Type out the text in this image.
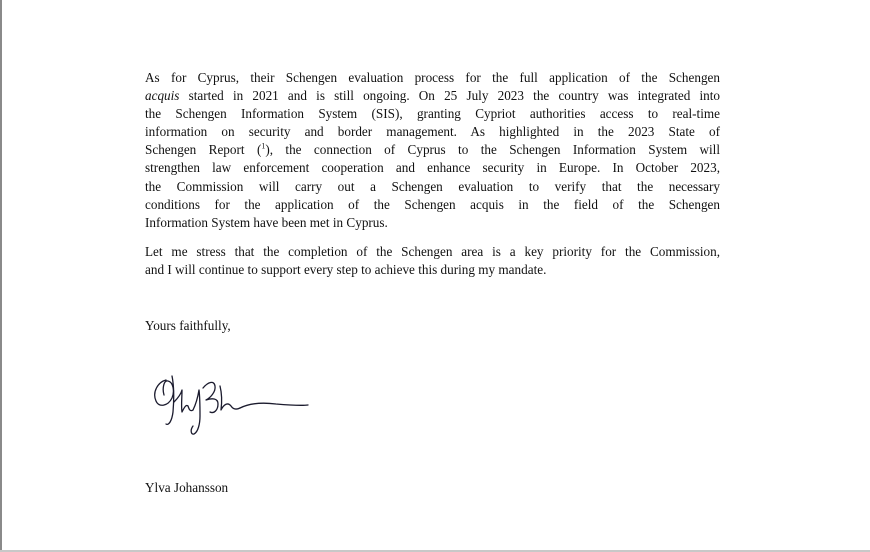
As for Cyprus, their Schengen evaluation process for the full application of the Schengen
acquis started in 2021 and is still ongoing. On 25 July 2023 the country was integrated into
the Schengen Information System (SIS), granting Cypriot authorities access to real-time
information on security and border management. As highlighted in the 2023 State of
Schengen Report ($^1$), the connection of Cyprus to the Schengen Information System will
strengthen law enforcement cooperation and enhance security in Europe. In October 2023,
the Commission will carry out a Schengen evaluation to verify that the necessary
conditions for the application of the Schengen acquis in the field of the Schengen
Information System have been met in Cyprus.

Let me stress that the completion of the Schengen area is a key priority for the Commission,
and I will continue to support every step to achieve this during my mandate.

Yours faithfully,
Ylva Johansson
